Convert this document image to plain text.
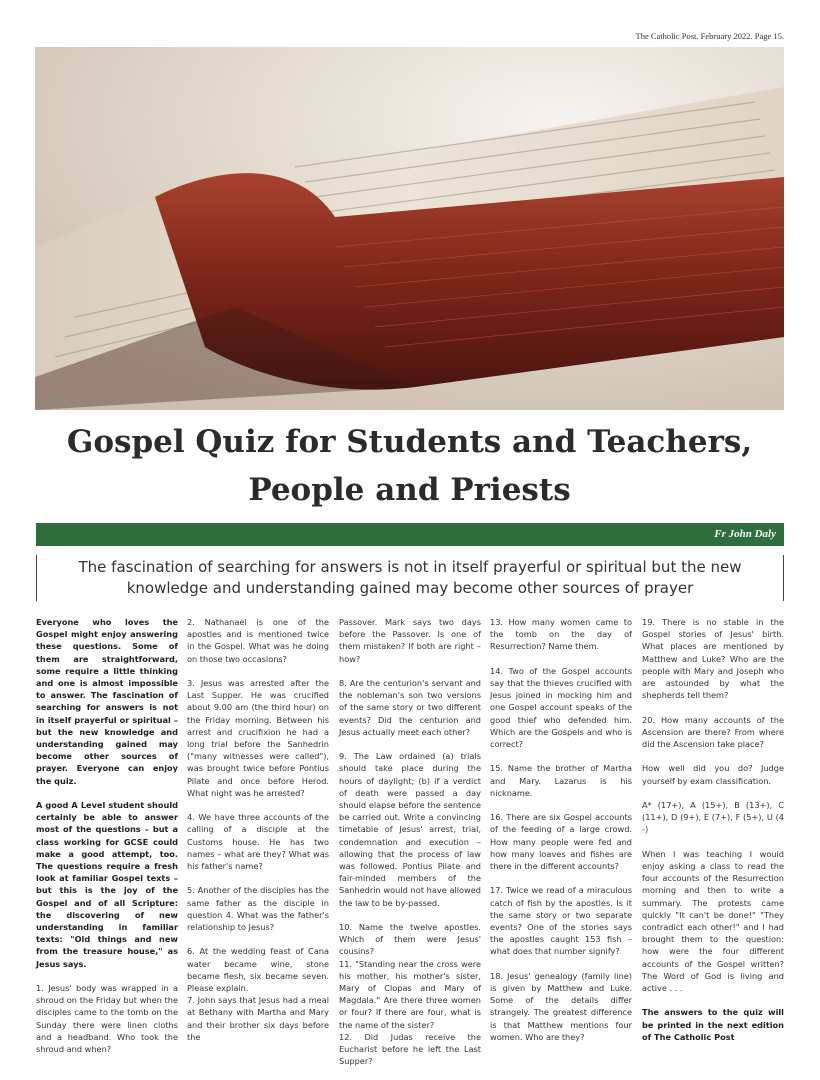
The Catholic Post. February 2022. Page 15.
Gospel Quiz for Students and Teachers,
People and Priests
Fr John Daly
The fascination of searching for answers is not in itself prayerful or spiritual but the new knowledge and understanding gained may become other sources of prayer

Everyone who loves the Gospel might enjoy answering these questions. Some of them are straightforward, some require a little thinking and one is almost impossible to answer. The fascination of searching for answers is not in itself prayerful or spiritual – but the new knowledge and understanding gained may become other sources of prayer. Everyone can enjoy the quiz.

A good A Level student should certainly be able to answer most of the questions – but a class working for GCSE could make a good attempt, too. The questions require a fresh look at familiar Gospel texts – but this is the joy of the Gospel and of all Scripture: the discovering of new understanding in familiar texts: "Old things and new from the treasure house," as Jesus says.

1. Jesus' body was wrapped in a shroud on the Friday but when the disciples came to the tomb on the Sunday there were linen cloths and a headband. Who took the shroud and when?

2. Nathanael is one of the apostles and is mentioned twice in the Gospel. What was he doing on those two occasions?

3. Jesus was arrested after the Last Supper. He was crucified about 9.00 am (the third hour) on the Friday morning. Between his arrest and crucifixion he had a long trial before the Sanhedrin ("many witnesses were called"), was brought twice before Pontius Pilate and once before Herod. What night was he arrested?

4. We have three accounts of the calling of a disciple at the Customs house. He has two names – what are they? What was his father's name?

5. Another of the disciples has the same father as the disciple in question 4. What was the father's relationship to Jesus?

6. At the wedding feast of Cana water became wine, stone became flesh, six became seven. Please explain.

7. John says that Jesus had a meal at Bethany with Martha and Mary and their brother six days before the

Passover. Mark says two days before the Passover. Is one of them mistaken? If both are right – how?

8. Are the centurion's servant and the nobleman's son two versions of the same story or two different events? Did the centurion and Jesus actually meet each other?

9. The Law ordained (a) trials should take place during the hours of daylight; (b) if a verdict of death were passed a day should elapse before the sentence be carried out. Write a convincing timetable of Jesus' arrest, trial, condemnation and execution – allowing that the process of law was followed. Pontius Pilate and fair-minded members of the Sanhedrin would not have allowed the law to be by-passed.

10. Name the twelve apostles. Which of them were Jesus' cousins?

11. "Standing near the cross were his mother, his mother's sister, Mary of Clopas and Mary of Magdala." Are there three women or four? If there are four, what is the name of the sister?

12. Did Judas receive the Eucharist before he left the Last Supper?

13. How many women came to the tomb on the day of Resurrection? Name them.

14. Two of the Gospel accounts say that the thieves crucified with Jesus joined in mocking him and one Gospel account speaks of the good thief who defended him. Which are the Gospels and who is correct?

15. Name the brother of Martha and Mary. Lazarus is his nickname.

16. There are six Gospel accounts of the feeding of a large crowd. How many people were fed and how many loaves and fishes are there in the different accounts?

17. Twice we read of a miraculous catch of fish by the apostles. Is it the same story or two separate events? One of the stories says the apostles caught 153 fish – what does that number signify?

18. Jesus' genealogy (family line) is given by Matthew and Luke. Some of the details differ strangely. The greatest difference is that Matthew mentions four women. Who are they?

19. There is no stable in the Gospel stories of Jesus' birth. What places are mentioned by Matthew and Luke? Who are the people with Mary and Joseph who are astounded by what the shepherds tell them?

20. How many accounts of the Ascension are there? From where did the Ascension take place?

How well did you do? Judge yourself by exam classification.

A* (17+), A (15+), B (13+), C (11+), D (9+), E (7+), F (5+), U (4 -)

When I was teaching I would enjoy asking a class to read the four accounts of the Resurrection morning and then to write a summary. The protests came quickly "It can't be done!" "They contradict each other!" and I had brought them to the question: how were the four different accounts of the Gospel written? The Word of God is living and active . . .

The answers to the quiz will be printed in the next edition of The Catholic Post
